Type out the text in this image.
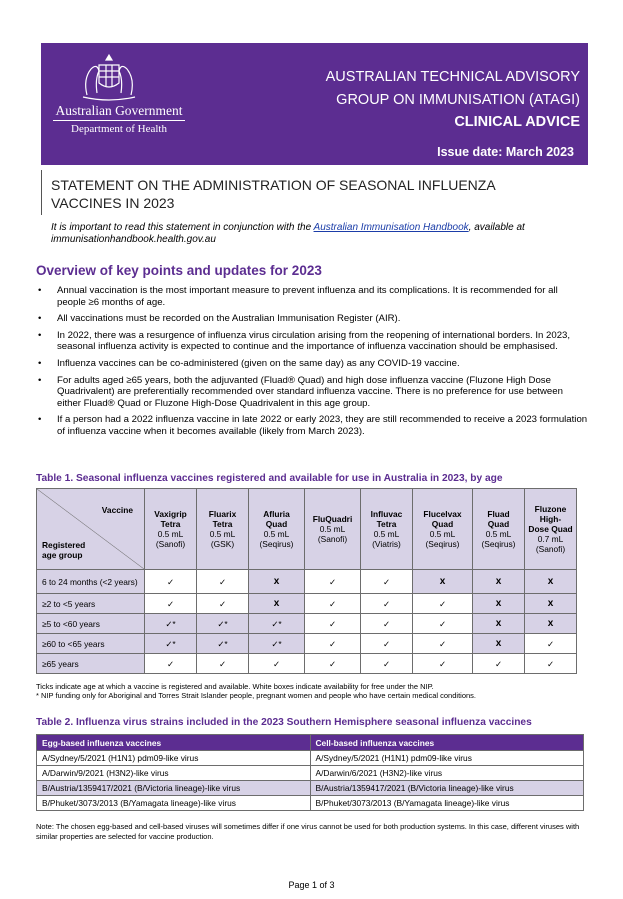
Australian Government
Department of Health
AUSTRALIAN TECHNICAL ADVISORY
GROUP ON IMMUNISATION (ATAGI)
CLINICAL ADVICE
Issue date: March 2023
STATEMENT ON THE ADMINISTRATION OF SEASONAL INFLUENZA
VACCINES IN 2023
It is important to read this statement in conjunction with the Australian Immunisation Handbook, available at immunisationhandbook.health.gov.au
Overview of key points and updates for 2023
• Annual vaccination is the most important measure to prevent influenza and its complications. It is recommended for all people ≥6 months of age.
• All vaccinations must be recorded on the Australian Immunisation Register (AIR).
• In 2022, there was a resurgence of influenza virus circulation arising from the reopening of international borders. In 2023, seasonal influenza activity is expected to continue and the importance of influenza vaccination should be emphasised.
• Influenza vaccines can be co-administered (given on the same day) as any COVID-19 vaccine.
• For adults aged ≥65 years, both the adjuvanted (Fluad® Quad) and high dose influenza vaccine (Fluzone High Dose Quadrivalent) are preferentially recommended over standard influenza vaccine. There is no preference for use between either Fluad® Quad or Fluzone High-Dose Quadrivalent in this age group.
• If a person had a 2022 influenza vaccine in late 2022 or early 2023, they are still recommended to receive a 2023 formulation of influenza vaccine when it becomes available (likely from March 2023).
Table 1. Seasonal influenza vaccines registered and available for use in Australia in 2023, by age
Vaccine
Registered
age group	Vaxigrip
Tetra
0.5 mL
(Sanofi)	Fluarix
Tetra
0.5 mL
(GSK)	Afluria
Quad
0.5 mL
(Seqirus)	FluQuadri
0.5 mL
(Sanofi)	Influvac
Tetra
0.5 mL
(Viatris)	Flucelvax
Quad
0.5 mL
(Seqirus)	Fluad
Quad
0.5 mL
(Seqirus)	Fluzone
High-
Dose Quad
0.7 mL
(Sanofi)
6 to 24 months (<2 years)	✓	✓	x	✓	✓	x	x	x
≥2 to <5 years	✓	✓	x	✓	✓	✓	x	x
≥5 to <60 years	✓*	✓*	✓*	✓	✓	✓	x	x
≥60 to <65 years	✓*	✓*	✓*	✓	✓	✓	x	✓
≥65 years	✓	✓	✓	✓	✓	✓	✓	✓
Ticks indicate age at which a vaccine is registered and available. White boxes indicate availability for free under the NIP.
* NIP funding only for Aboriginal and Torres Strait Islander people, pregnant women and people who have certain medical conditions.
Table 2. Influenza virus strains included in the 2023 Southern Hemisphere seasonal influenza vaccines
Egg-based influenza vaccines	Cell-based influenza vaccines
A/Sydney/5/2021 (H1N1) pdm09-like virus	A/Sydney/5/2021 (H1N1) pdm09-like virus
A/Darwin/9/2021 (H3N2)-like virus	A/Darwin/6/2021 (H3N2)-like virus
B/Austria/1359417/2021 (B/Victoria lineage)-like virus	B/Austria/1359417/2021 (B/Victoria lineage)-like virus
B/Phuket/3073/2013 (B/Yamagata lineage)-like virus	B/Phuket/3073/2013 (B/Yamagata lineage)-like virus
Note: The chosen egg-based and cell-based viruses will sometimes differ if one virus cannot be used for both production systems. In this case, different viruses with similar properties are selected for vaccine production.
Page 1 of 3
